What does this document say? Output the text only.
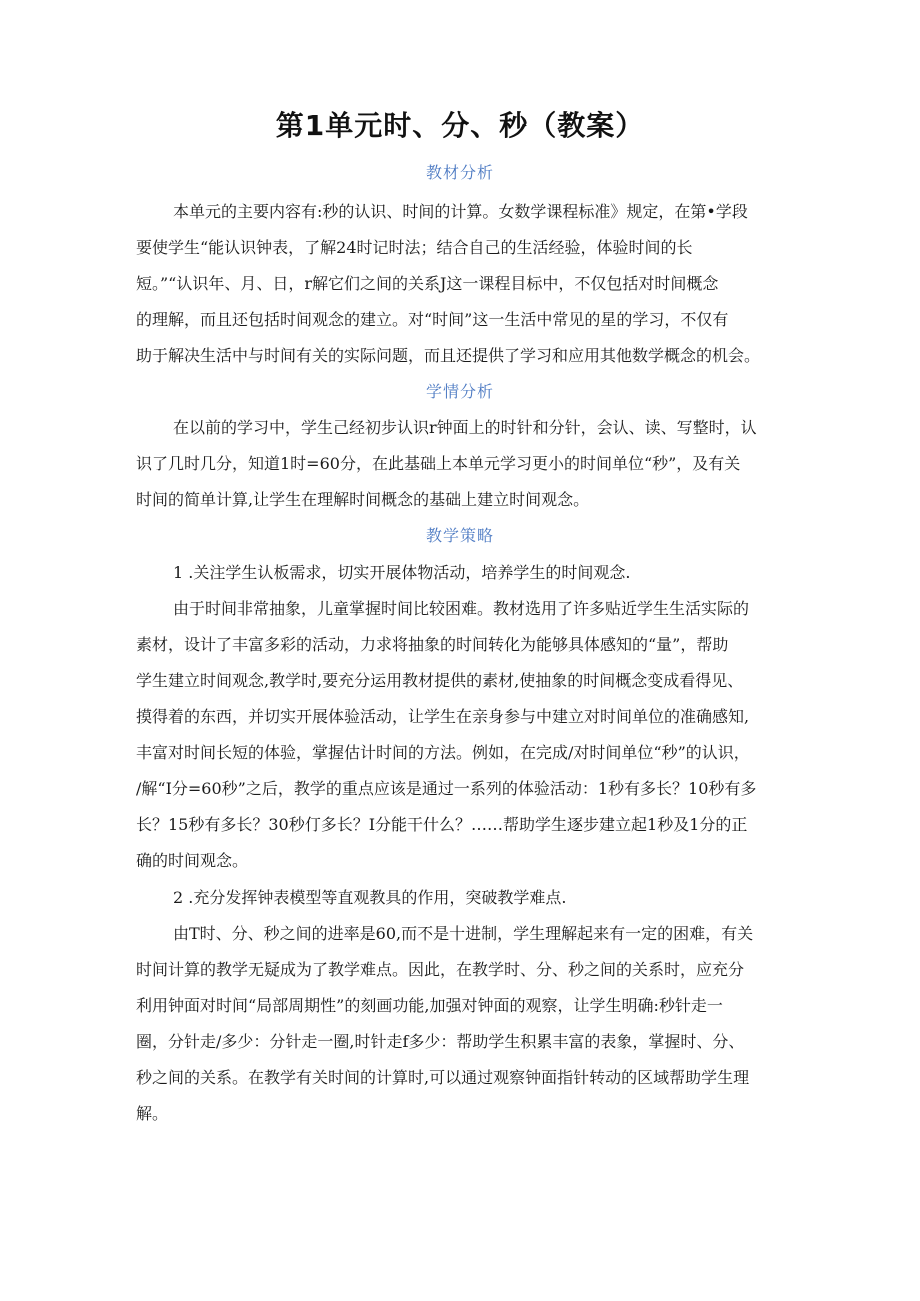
第1单元时、分、秒（教案）
教材分析
本单元的主要内容有:秒的认识、时间的计算。女数学课程标准》规定，在第•学段
要使学生“能认识钟表，了解24时记时法；结合自己的生活经验，体验时间的长
短。”“认识年、月、日，r解它们之间的关系J这一课程目标中，不仅包括对时间概念
的理解，而且还包括时间观念的建立。对“时间”这一生活中常见的星的学习，不仅有
助于解决生活中与时间有关的实际问题，而且还提供了学习和应用其他数学概念的机会。
学情分析
在以前的学习中，学生己经初步认识r钟面上的时针和分针，会认、读、写整时，认
识了几时几分，知道1时=60分，在此基础上本单元学习更小的时间单位“秒”，及有关
时间的简单计算,让学生在理解时间概念的基础上建立时间观念。
教学策略
1 .关注学生认板需求，切实开展体物活动，培养学生的时间观念.
由于时间非常抽象，儿童掌握时间比较困难。教材选用了许多贴近学生生活实际的
素材，设计了丰富多彩的活动，力求将抽象的时间转化为能够具体感知的“量”，帮助
学生建立时间观念,教学时,要充分运用教材提供的素材,使抽象的时间概念变成看得见、
摸得着的东西，并切实开展体验活动，让学生在亲身参与中建立对时间单位的准确感知,
丰富对时间长短的体验，掌握估计时间的方法。例如，在完成/对时间单位“秒”的认识，
/解“I分=60秒”之后，教学的重点应该是通过一系列的体验活动：1秒有多长？10秒有多
长？15秒有多长？30秒仃多长？I分能干什么？……帮助学生逐步建立起1秒及1分的正
确的时间观念。
2 .充分发挥钟表模型等直观教具的作用，突破教学难点.
由T时、分、秒之间的进率是60,而不是十进制，学生理解起来有一定的困难，有关
时间计算的教学无疑成为了教学难点。因此，在教学时、分、秒之间的关系时，应充分
利用钟面对时间“局部周期性”的刻画功能,加强对钟面的观察，让学生明确:秒针走一
圈，分针走/多少：分针走一圈,时针走f多少：帮助学生积累丰富的表象，掌握时、分、
秒之间的关系。在教学有关时间的计算时,可以通过观察钟面指针转动的区域帮助学生理
解。
